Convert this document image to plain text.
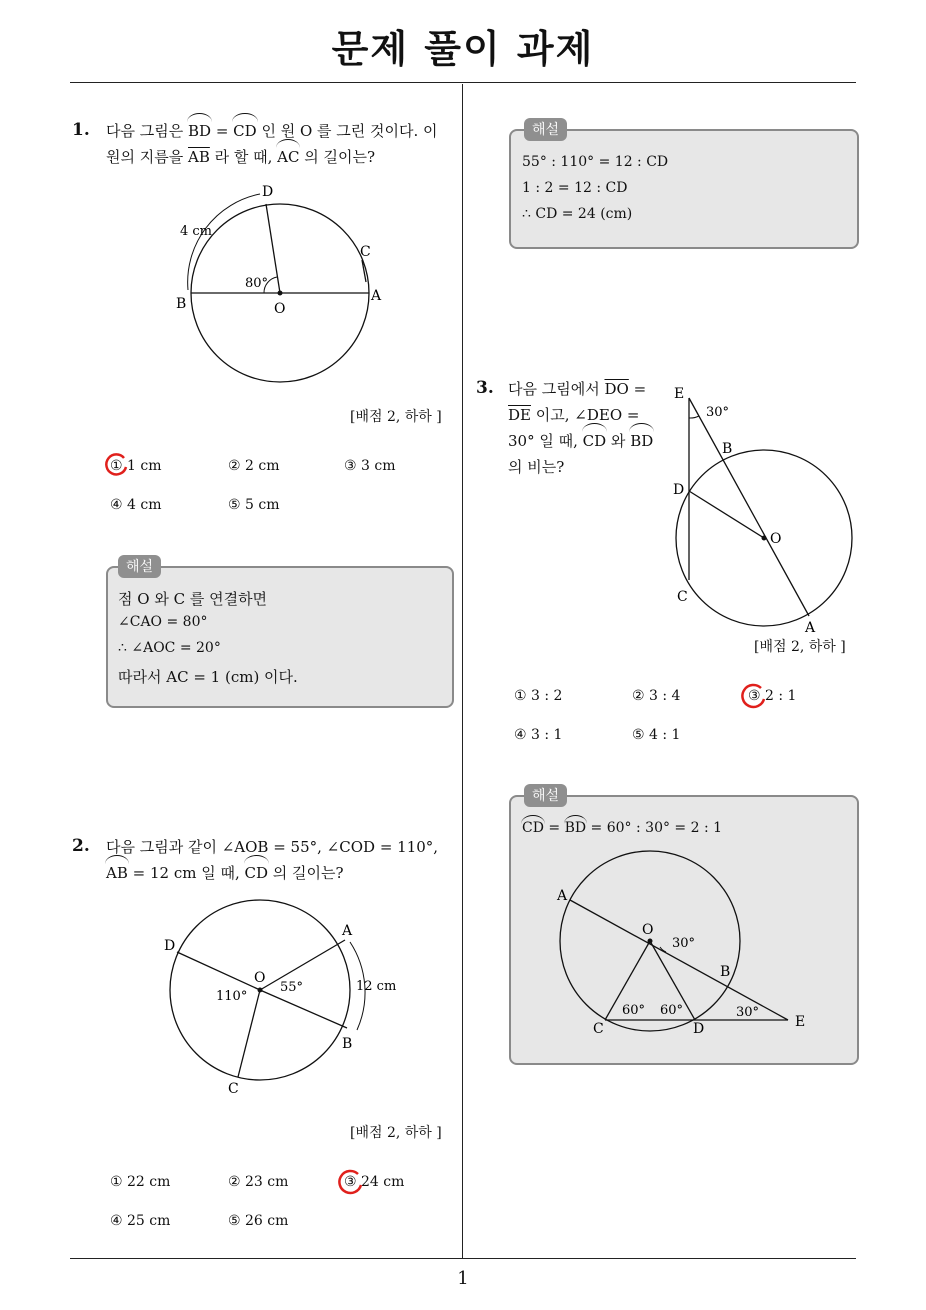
문제 풀이 과제
1
1. 다음 그림은 BD = CD 인 원 O 를 그린 것이다. 이
원의 지름을 $\overline{AB}$ 라 할 때, AC 의 길이는?
D
C
B	A
O
80°
4 cm
[배점 2, 하하 ]
① 1 cm	② 2 cm	③ 3 cm
④ 4 cm	⑤ 5 cm
해설
점 O 와 C 를 연결하면
∠CAO = 80°
∴ ∠AOC = 20°
따라서 AC = 1 (cm) 이다.
2. 다음 그림과 같이 ∠AOB = 55°, ∠COD = 110°,
AB = 12 cm 일 때, CD 의 길이는?
A
B
C
D
O
55°
110°
12 cm
[배점 2, 하하 ]
① 22 cm	② 23 cm	③ 24 cm
④ 25 cm	⑤ 26 cm
해설
55° : 110° = 12 : CD
1 : 2 = 12 : CD
∴ CD = 24 (cm)
3. 다음 그림에서 $\overline{DO}$ =
$\overline{DE}$ 이고, ∠DEO =
30° 일 때, CD 와 BD
의 비는?
E
30°
B
D
O
C
A
[배점 2, 하하 ]
① 3 : 2	② 3 : 4	③ 2 : 1
④ 3 : 1	⑤ 4 : 1
해설
CD = BD = 60° : 30° = 2 : 1
A
O
30°
B
60° 60°	30°
C	D	E
